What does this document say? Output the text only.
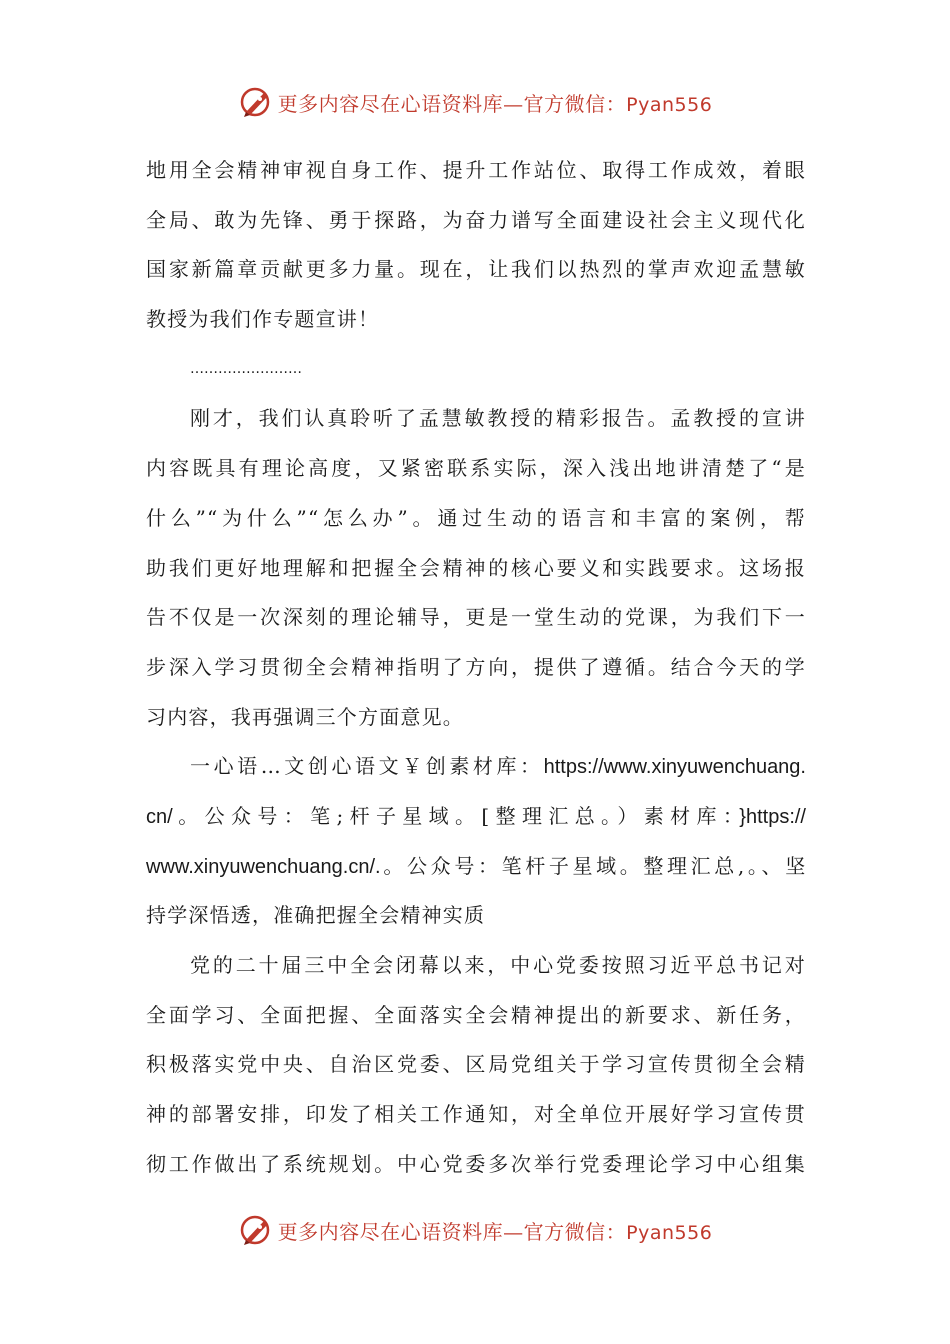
更多内容尽在心语资料库—官方微信：Pyan556
地用全会精神审视自身工作、提升工作站位、取得工作成效，着眼
全局、敢为先锋、勇于探路，为奋力谱写全面建设社会主义现代化
国家新篇章贡献更多力量。现在，让我们以热烈的掌声欢迎孟慧敏
教授为我们作专题宣讲！
……………………
刚才，我们认真聆听了孟慧敏教授的精彩报告。孟教授的宣讲
内容既具有理论高度，又紧密联系实际，深入浅出地讲清楚了“是
什么”“为什么”“怎么办”。通过生动的语言和丰富的案例，帮
助我们更好地理解和把握全会精神的核心要义和实践要求。这场报
告不仅是一次深刻的理论辅导，更是一堂生动的党课，为我们下一
步深入学习贯彻全会精神指明了方向，提供了遵循。结合今天的学
习内容，我再强调三个方面意见。
一心语…文创心语文￥创素材库：https://www.xinyuwenchuang.
cn/。公众号：笔;杆子星域。[整理汇总。）素材库：}https://
www.xinyuwenchuang.cn/.。公众号：笔杆子星域。整理汇总,。、坚
持学深悟透，准确把握全会精神实质
党的二十届三中全会闭幕以来，中心党委按照习近平总书记对
全面学习、全面把握、全面落实全会精神提出的新要求、新任务，
积极落实党中央、自治区党委、区局党组关于学习宣传贯彻全会精
神的部署安排，印发了相关工作通知，对全单位开展好学习宣传贯
彻工作做出了系统规划。中心党委多次举行党委理论学习中心组集
更多内容尽在心语资料库—官方微信：Pyan556
